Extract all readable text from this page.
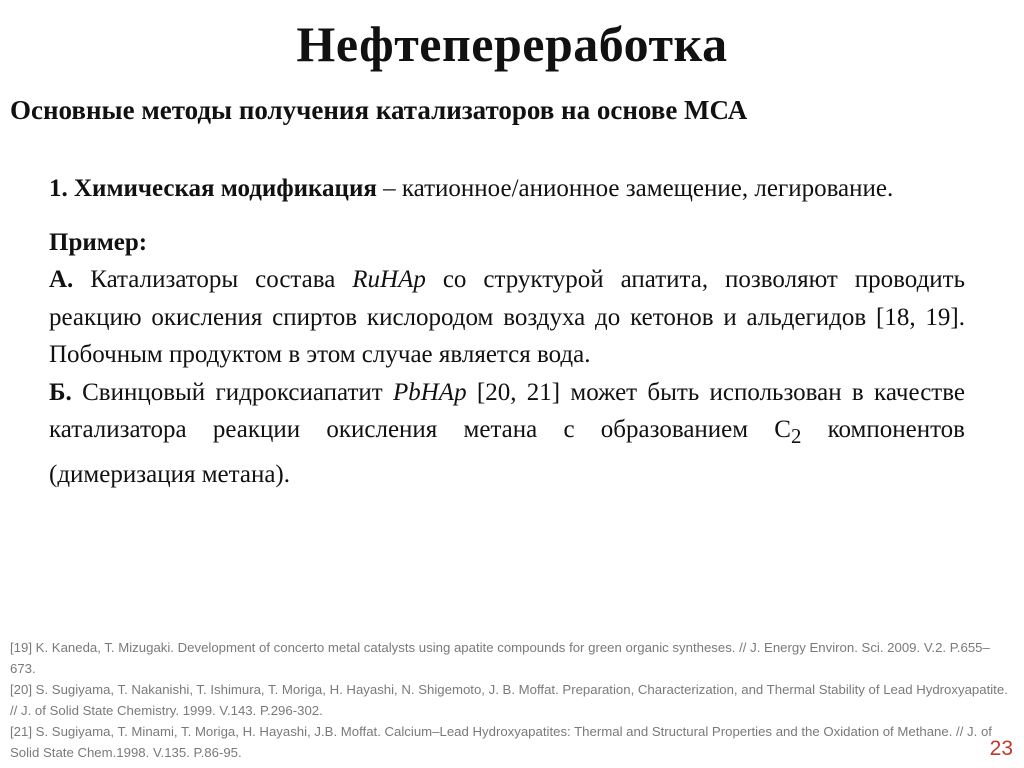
Нефтепереработка
Основные методы получения катализаторов на основе МСА

1. Химическая модификация – катионное/анионное замещение, легирование.

Пример:

А. Катализаторы состава RuHAp со структурой апатита, позволяют проводить реакцию окисления спиртов кислородом воздуха до кетонов и альдегидов [18, 19]. Побочным продуктом в этом случае является вода.

Б. Свинцовый гидроксиапатит PbHAp [20, 21] может быть использован в качестве катализатора реакции окисления метана с образованием $C_2$ компонентов (димеризация метана).

[19] K. Kaneda, T. Mizugaki. Development of concerto metal catalysts using apatite compounds for green organic syntheses. // J. Energy Environ. Sci. 2009. V.2. P.655–673.

[20] S. Sugiyama, T. Nakanishi, T. Ishimura, T. Moriga, H. Hayashi, N. Shigemoto, J. B. Moffat. Preparation, Characterization, and Thermal Stability of Lead Hydroxyapatite. // J. of Solid State Chemistry. 1999. V.143. P.296-302.

[21] S. Sugiyama, T. Minami, T. Moriga, H. Hayashi, J.B. Moffat. Calcium–Lead Hydroxyapatites: Thermal and Structural Properties and the Oxidation of Methane. // J. of Solid State Chem.1998. V.135. P.86-95.	23
